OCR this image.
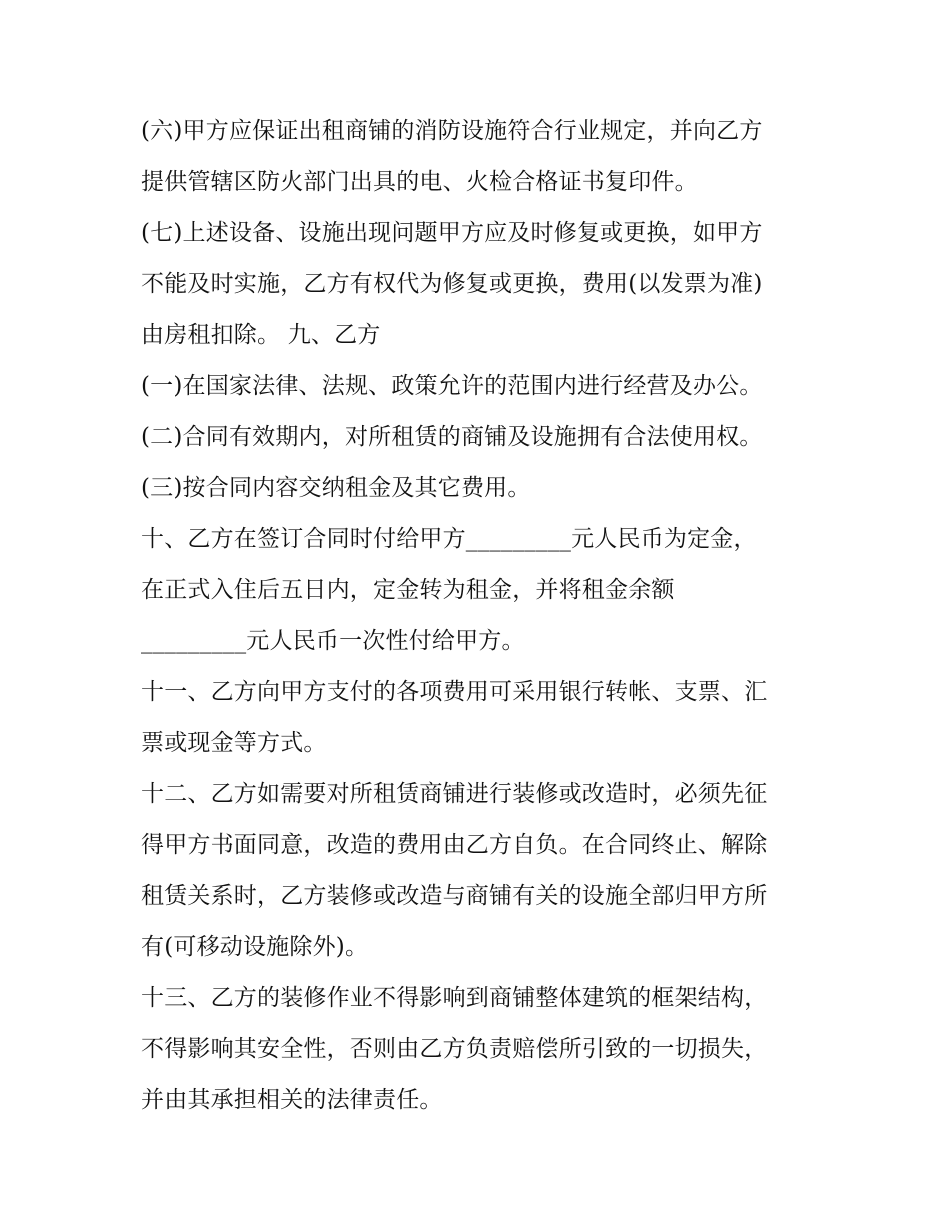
(六)甲方应保证出租商铺的消防设施符合行业规定，并向乙方
提供管辖区防火部门出具的电、火检合格证书复印件。
(七)上述设备、设施出现问题甲方应及时修复或更换，如甲方
不能及时实施，乙方有权代为修复或更换，费用(以发票为准)
由房租扣除。 九、乙方
(一)在国家法律、法规、政策允许的范围内进行经营及办公。
(二)合同有效期内，对所租赁的商铺及设施拥有合法使用权。
(三)按合同内容交纳租金及其它费用。
十、乙方在签订合同时付给甲方_________元人民币为定金，
在正式入住后五日内，定金转为租金，并将租金余额
_________元人民币一次性付给甲方。
十一、乙方向甲方支付的各项费用可采用银行转帐、支票、汇
票或现金等方式。
十二、乙方如需要对所租赁商铺进行装修或改造时，必须先征
得甲方书面同意，改造的费用由乙方自负。在合同终止、解除
租赁关系时，乙方装修或改造与商铺有关的设施全部归甲方所
有(可移动设施除外)。
十三、乙方的装修作业不得影响到商铺整体建筑的框架结构，
不得影响其安全性，否则由乙方负责赔偿所引致的一切损失，
并由其承担相关的法律责任。
